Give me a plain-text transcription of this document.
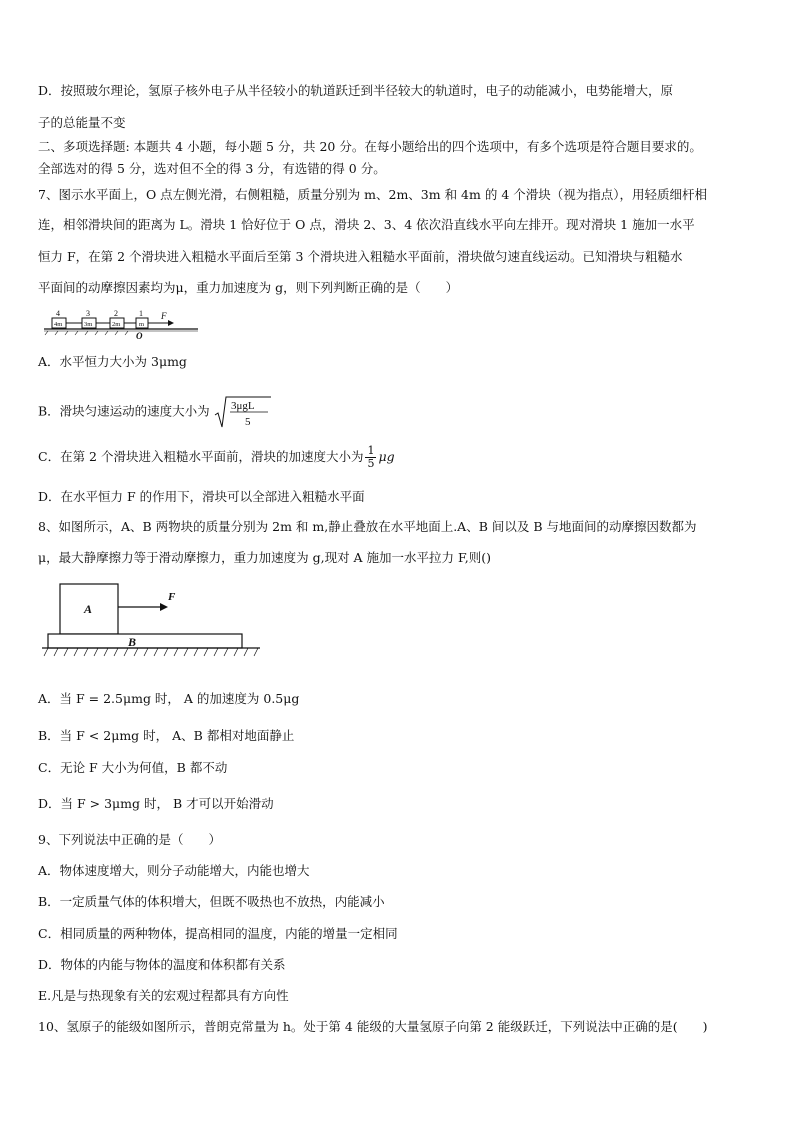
D．按照玻尔理论，氢原子核外电子从半径较小的轨道跃迁到半径较大的轨道时，电子的动能减小，电势能增大，原
子的总能量不变
二、多项选择题: 本题共 4 小题，每小题 5 分，共 20 分。在每小题给出的四个选项中，有多个选项是符合题目要求的。
全部选对的得 5 分，选对但不全的得 3 分，有选错的得 0 分。
7、图示水平面上，O 点左侧光滑，右侧粗糙，质量分别为 m、2m、3m 和 4m 的 4 个滑块（视为指点），用轻质细杆相
连，相邻滑块间的距离为 L。滑块 1 恰好位于 O 点，滑块 2、3、4 依次沿直线水平向左排开。现对滑块 1 施加一水平
恒力 F，在第 2 个滑块进入粗糙水平面后至第 3 个滑块进入粗糙水平面前，滑块做匀速直线运动。已知滑块与粗糙水
平面间的动摩擦因素均为μ，重力加速度为 g，则下列判断正确的是（　　）
4	3	2	1
4m	3m	2m	m
F
O
A．水平恒力大小为 3μmg
B．滑块匀速运动的速度大小为 3μgL
5
C．在第 2 个滑块进入粗糙水平面前，滑块的加速度大小为 $\frac{1}{5}$ μg
D．在水平恒力 F 的作用下，滑块可以全部进入粗糙水平面
8、如图所示，A、B 两物块的质量分别为 2m 和 m,静止叠放在水平地面上.A、B 间以及 B 与地面间的动摩擦因数都为
μ，最大静摩擦力等于滑动摩擦力，重力加速度为 g,现对 A 施加一水平拉力 F,则()
A
B
F
A．当 F = 2.5μmg 时， A 的加速度为 0.5μg
B．当 F < 2μmg 时， A、B 都相对地面静止
C．无论 F 大小为何值，B 都不动
D．当 F > 3μmg 时， B 才可以开始滑动
9、下列说法中正确的是（　　）
A．物体速度增大，则分子动能增大，内能也增大
B．一定质量气体的体积增大，但既不吸热也不放热，内能减小
C．相同质量的两种物体，提高相同的温度，内能的增量一定相同
D．物体的内能与物体的温度和体积都有关系
E.凡是与热现象有关的宏观过程都具有方向性
10、氢原子的能级如图所示，普朗克常量为 h。处于第 4 能级的大量氢原子向第 2 能级跃迁，下列说法中正确的是(　　)
